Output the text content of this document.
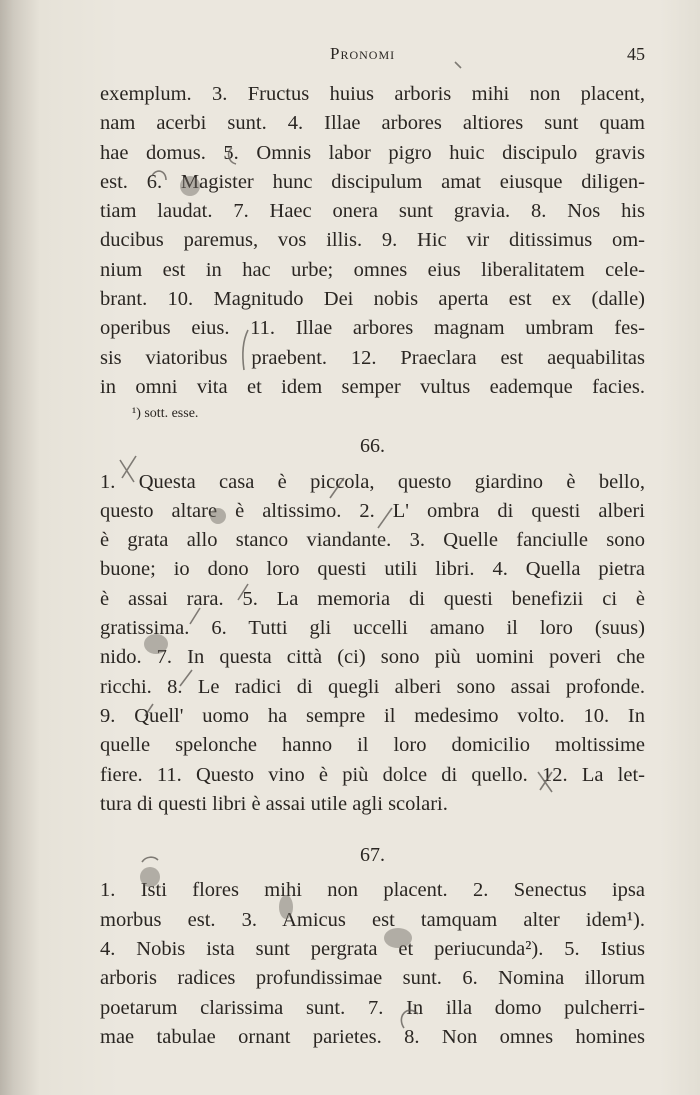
Pronomi	45
exemplum. 3. Fructus huius arboris mihi non placent,
nam acerbi sunt. 4. Illae arbores altiores sunt quam
hae domus. 5. Omnis labor pigro huic discipulo gravis
est. 6. Magister hunc discipulum amat eiusque diligen-
tiam laudat. 7. Haec onera sunt gravia. 8. Nos his
ducibus paremus, vos illis. 9. Hic vir ditissimus om-
nium est in hac urbe; omnes eius liberalitatem cele-
brant. 10. Magnitudo Dei nobis aperta est ex (dalle)
operibus eius. 11. Illae arbores magnam umbram fes-
sis viatoribus praebent. 12. Praeclara est aequabilitas
in omni vita et idem semper vultus eademque facies.
¹) sott. esse.
66.
1. Questa casa è piccola, questo giardino è bello,
questo altare è altissimo. 2. L' ombra di questi alberi
è grata allo stanco viandante. 3. Quelle fanciulle sono
buone; io dono loro questi utili libri. 4. Quella pietra
è assai rara. 5. La memoria di questi benefizii ci è
gratissima. 6. Tutti gli uccelli amano il loro (suus)
nido. 7. In questa città (ci) sono più uomini poveri che
ricchi. 8. Le radici di quegli alberi sono assai profonde.
9. Quell' uomo ha sempre il medesimo volto. 10. In
quelle spelonche hanno il loro domicilio moltissime
fiere. 11. Questo vino è più dolce di quello. 12. La let-
tura di questi libri è assai utile agli scolari.
67.
1. Isti flores mihi non placent. 2. Senectus ipsa
morbus est. 3. Amicus est tamquam alter idem¹).
4. Nobis ista sunt pergrata et periucunda²). 5. Istius
arboris radices profundissimae sunt. 6. Nomina illorum
poetarum clarissima sunt. 7. In illa domo pulcherri-
mae tabulae ornant parietes. 8. Non omnes homines
